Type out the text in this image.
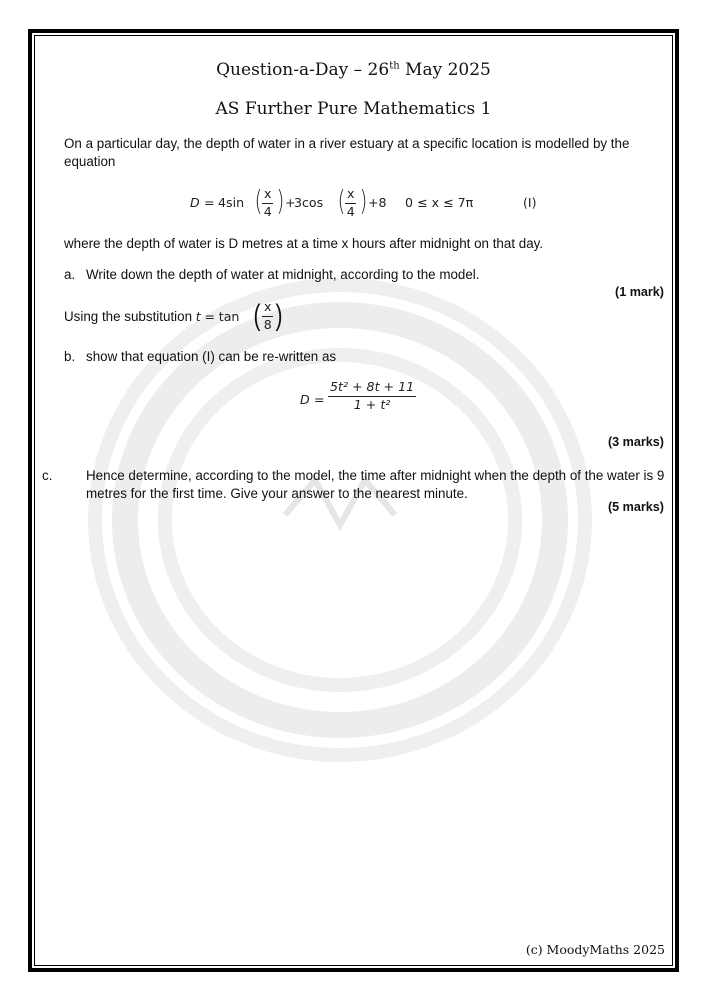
Question-a-Day – 26th May 2025
AS Further Pure Mathematics 1
On a particular day, the depth of water in a river estuary at a specific location is modelled by the equation
D = 4sin ( $\frac{x}{4}$ ) +
3cos ( $\frac{x}{4}$ ) +8 0 ≤ x ≤ 7π	(I)
where the depth of water is D metres at a time x hours after midnight on that day.
a. Write down the depth of water at midnight, according to the model.
(1 mark)
Using the substitution t = tan ( $\frac{x}{8}$ )
b. show that equation (I) can be re-written as
$D = \frac{\text{5t² + 8t + 11}}{\text{1 + t²}}$
(3 marks)
c.	Hence determine, according to the model, the time after midnight when the depth of the water is 9 metres for the first time. Give your answer to the nearest minute.
(5 marks)
(c) MoodyMaths 2025
